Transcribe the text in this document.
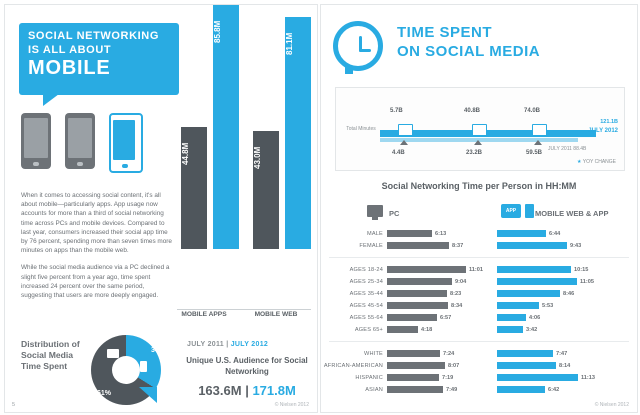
SOCIAL NETWORKING
IS ALL ABOUT
MOBILE

When it comes to accessing social content, it's all about mobile—particularly apps. App usage now accounts for more than a third of social networking time across PCs and mobile devices. Compared to last year, consumers increased their social app time by 76 percent, spending more than seven times more minutes on apps than the mobile web.

While the social media audience via a PC declined a slight five percent from a year ago, time spent increased 24 percent over the same period, suggesting that users are more deeply engaged.

Distribution of Social Media Time Spent
61%
34%
44.8M
85.8M
43.0M
81.1M
MOBILE APPS	MOBILE WEB
JULY 2011 | JULY 2012
Unique U.S. Audience for Social Networking
163.6M | 171.8M
5	© Nielsen 2012
TIME SPENT
ON SOCIAL MEDIA
Total Minutes
5.7B	40.8B	74.0B
4.4B	23.2B	59.5B
JULY 2011 88.4B
121.1B
JULY 2012
★ YOY CHANGE
Social Networking Time per Person in HH:MM
PC	APP	MOBILE WEB & APP
MALE	6:13	6:44
FEMALE	8:37	9:43
AGES 18-24	11:01	10:15
AGES 25-34	9:04	11:05
AGES 35-44	8:23	8:46
AGES 45-54	8:34	5:53
AGES 55-64	6:57	4:06
AGES 65+	4:18	3:42
WHITE	7:24	7:47
AFRICAN-AMERICAN	8:07	8:14
HISPANIC	7:19	11:13
ASIAN	7:49	6:42
© Nielsen 2012
